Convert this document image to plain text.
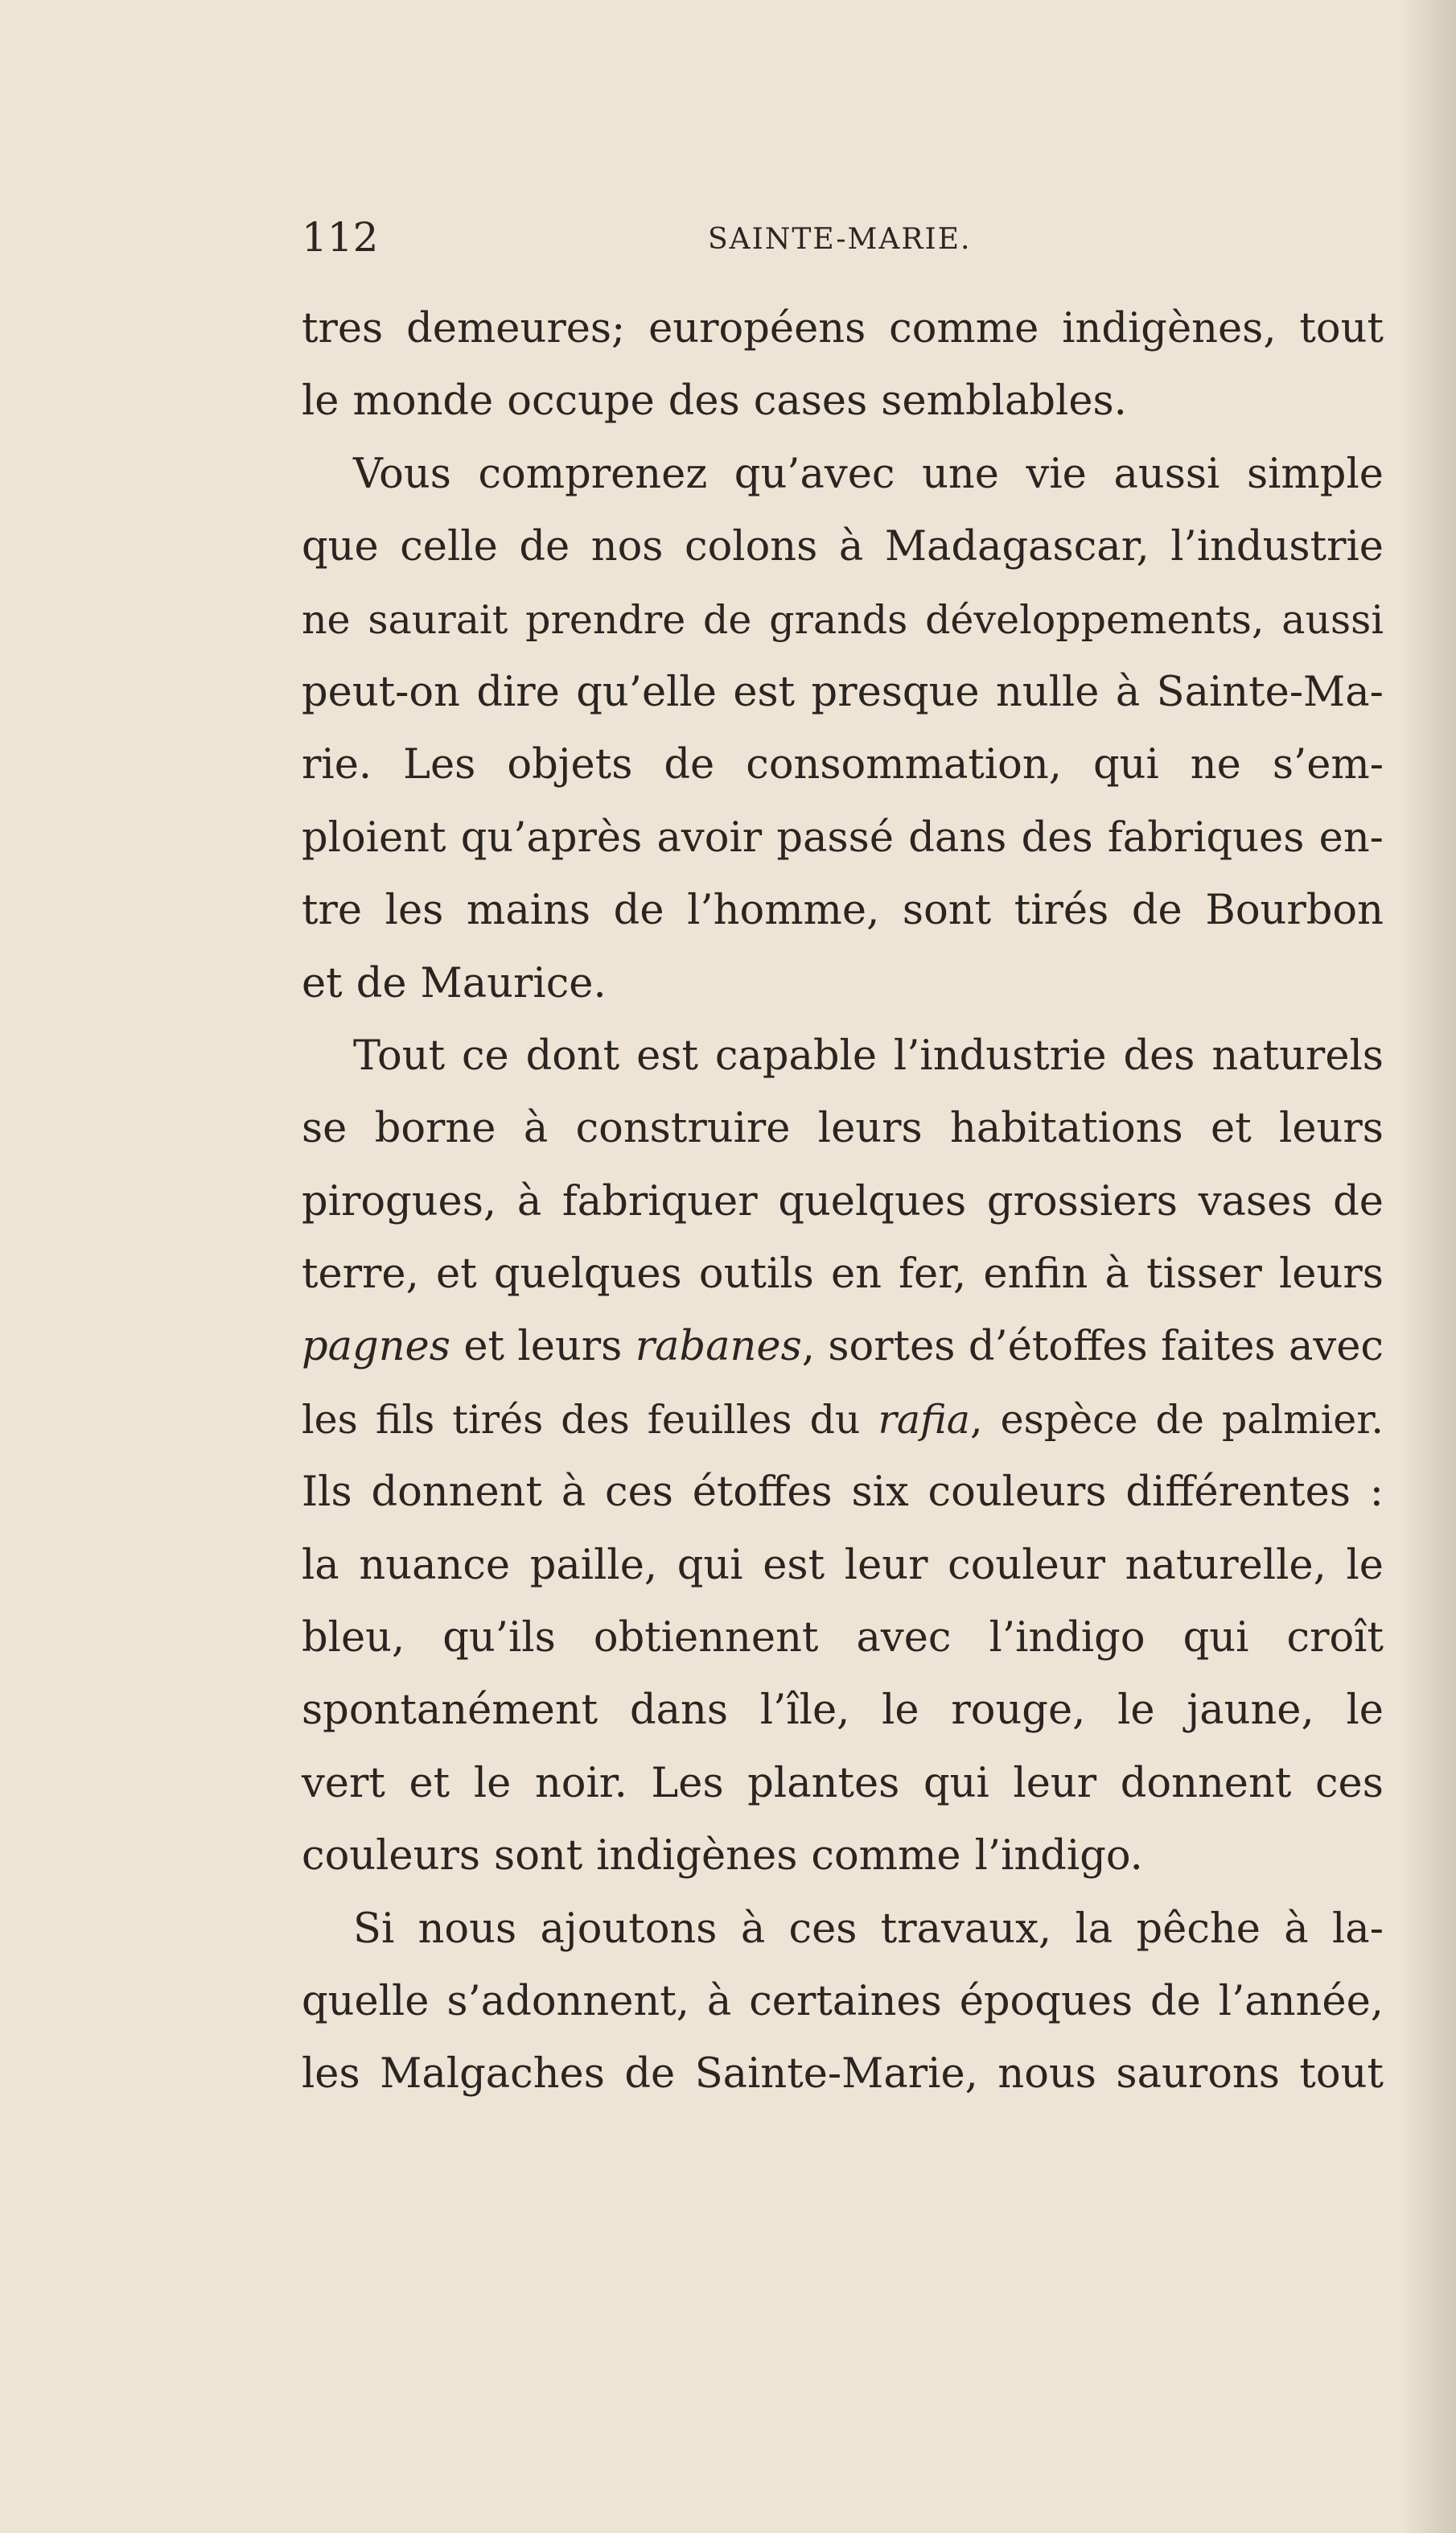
112	SAINTE-MARIE.
tres demeures; européens comme indigènes, tout
le monde occupe des cases semblables.
Vous comprenez qu’avec une vie aussi simple
que celle de nos colons à Madagascar, l’industrie
ne saurait prendre de grands développements, aussi
peut-on dire qu’elle est presque nulle à Sainte-Ma-
rie. Les objets de consommation, qui ne s’em-
ploient qu’après avoir passé dans des fabriques en-
tre les mains de l’homme, sont tirés de Bourbon
et de Maurice.
Tout ce dont est capable l’industrie des naturels
se borne à construire leurs habitations et leurs
pirogues, à fabriquer quelques grossiers vases de
terre, et quelques outils en fer, enfin à tisser leurs
pagnes et leurs rabanes, sortes d’étoffes faites avec
les fils tirés des feuilles du rafia, espèce de palmier.
Ils donnent à ces étoffes six couleurs différentes :
la nuance paille, qui est leur couleur naturelle, le
bleu, qu’ils obtiennent avec l’indigo qui croît
spontanément dans l’île, le rouge, le jaune, le
vert et le noir. Les plantes qui leur donnent ces
couleurs sont indigènes comme l’indigo.
Si nous ajoutons à ces travaux, la pêche à la-
quelle s’adonnent, à certaines époques de l’année,
les Malgaches de Sainte-Marie, nous saurons tout
